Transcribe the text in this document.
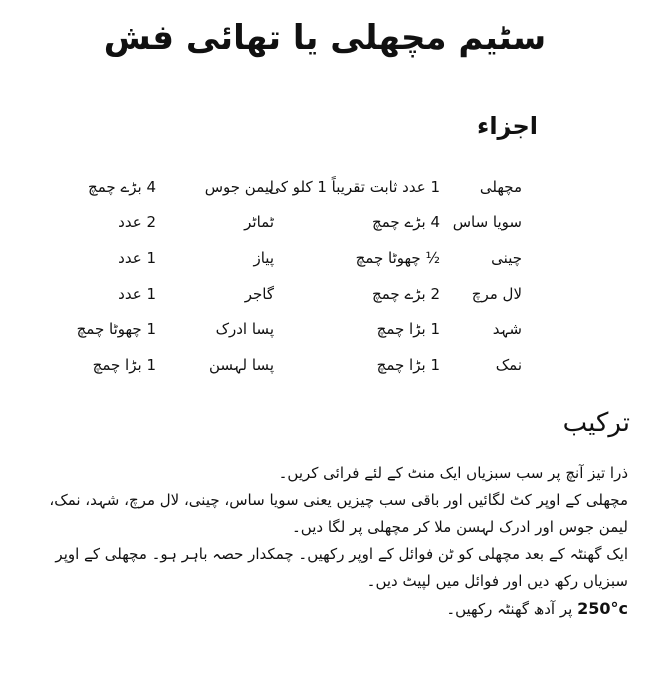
سٹیم مچھلی یا تھائی فش
اجزاء
مچھلی
1 عدد ثابت تقریباً 1 کلو کی
لیمن جوس
4 بڑے چمچ
سویا ساس
4 بڑے چمچ
ٹماٹر
2 عدد
چینی
½ چھوٹا چمچ
پیاز
1 عدد
لال مرچ
2 بڑے چمچ
گاجر
1 عدد
شہد
1 بڑا چمچ
پسا ادرک
1 چھوٹا چمچ
نمک
1 بڑا چمچ
پسا لہسن
1 بڑا چمچ
ترکیب
ذرا تیز آنچ پر سب سبزیاں ایک منٹ کے لئے فرائی کریں۔
مچھلی کے اوپر کٹ لگائیں اور باقی سب چیزیں یعنی سویا ساس، چینی، لال مرچ، شہد، نمک،
لیمن جوس اور ادرک لہسن ملا کر مچھلی پر لگا دیں۔
ایک گھنٹہ کے بعد مچھلی کو ٹن فوائل کے اوپر رکھیں۔ چمکدار حصہ باہر ہو۔ مچھلی کے اوپر
سبزیاں رکھ دیں اور فوائل میں لپیٹ دیں۔
250°c پر آدھ گھنٹہ رکھیں۔
